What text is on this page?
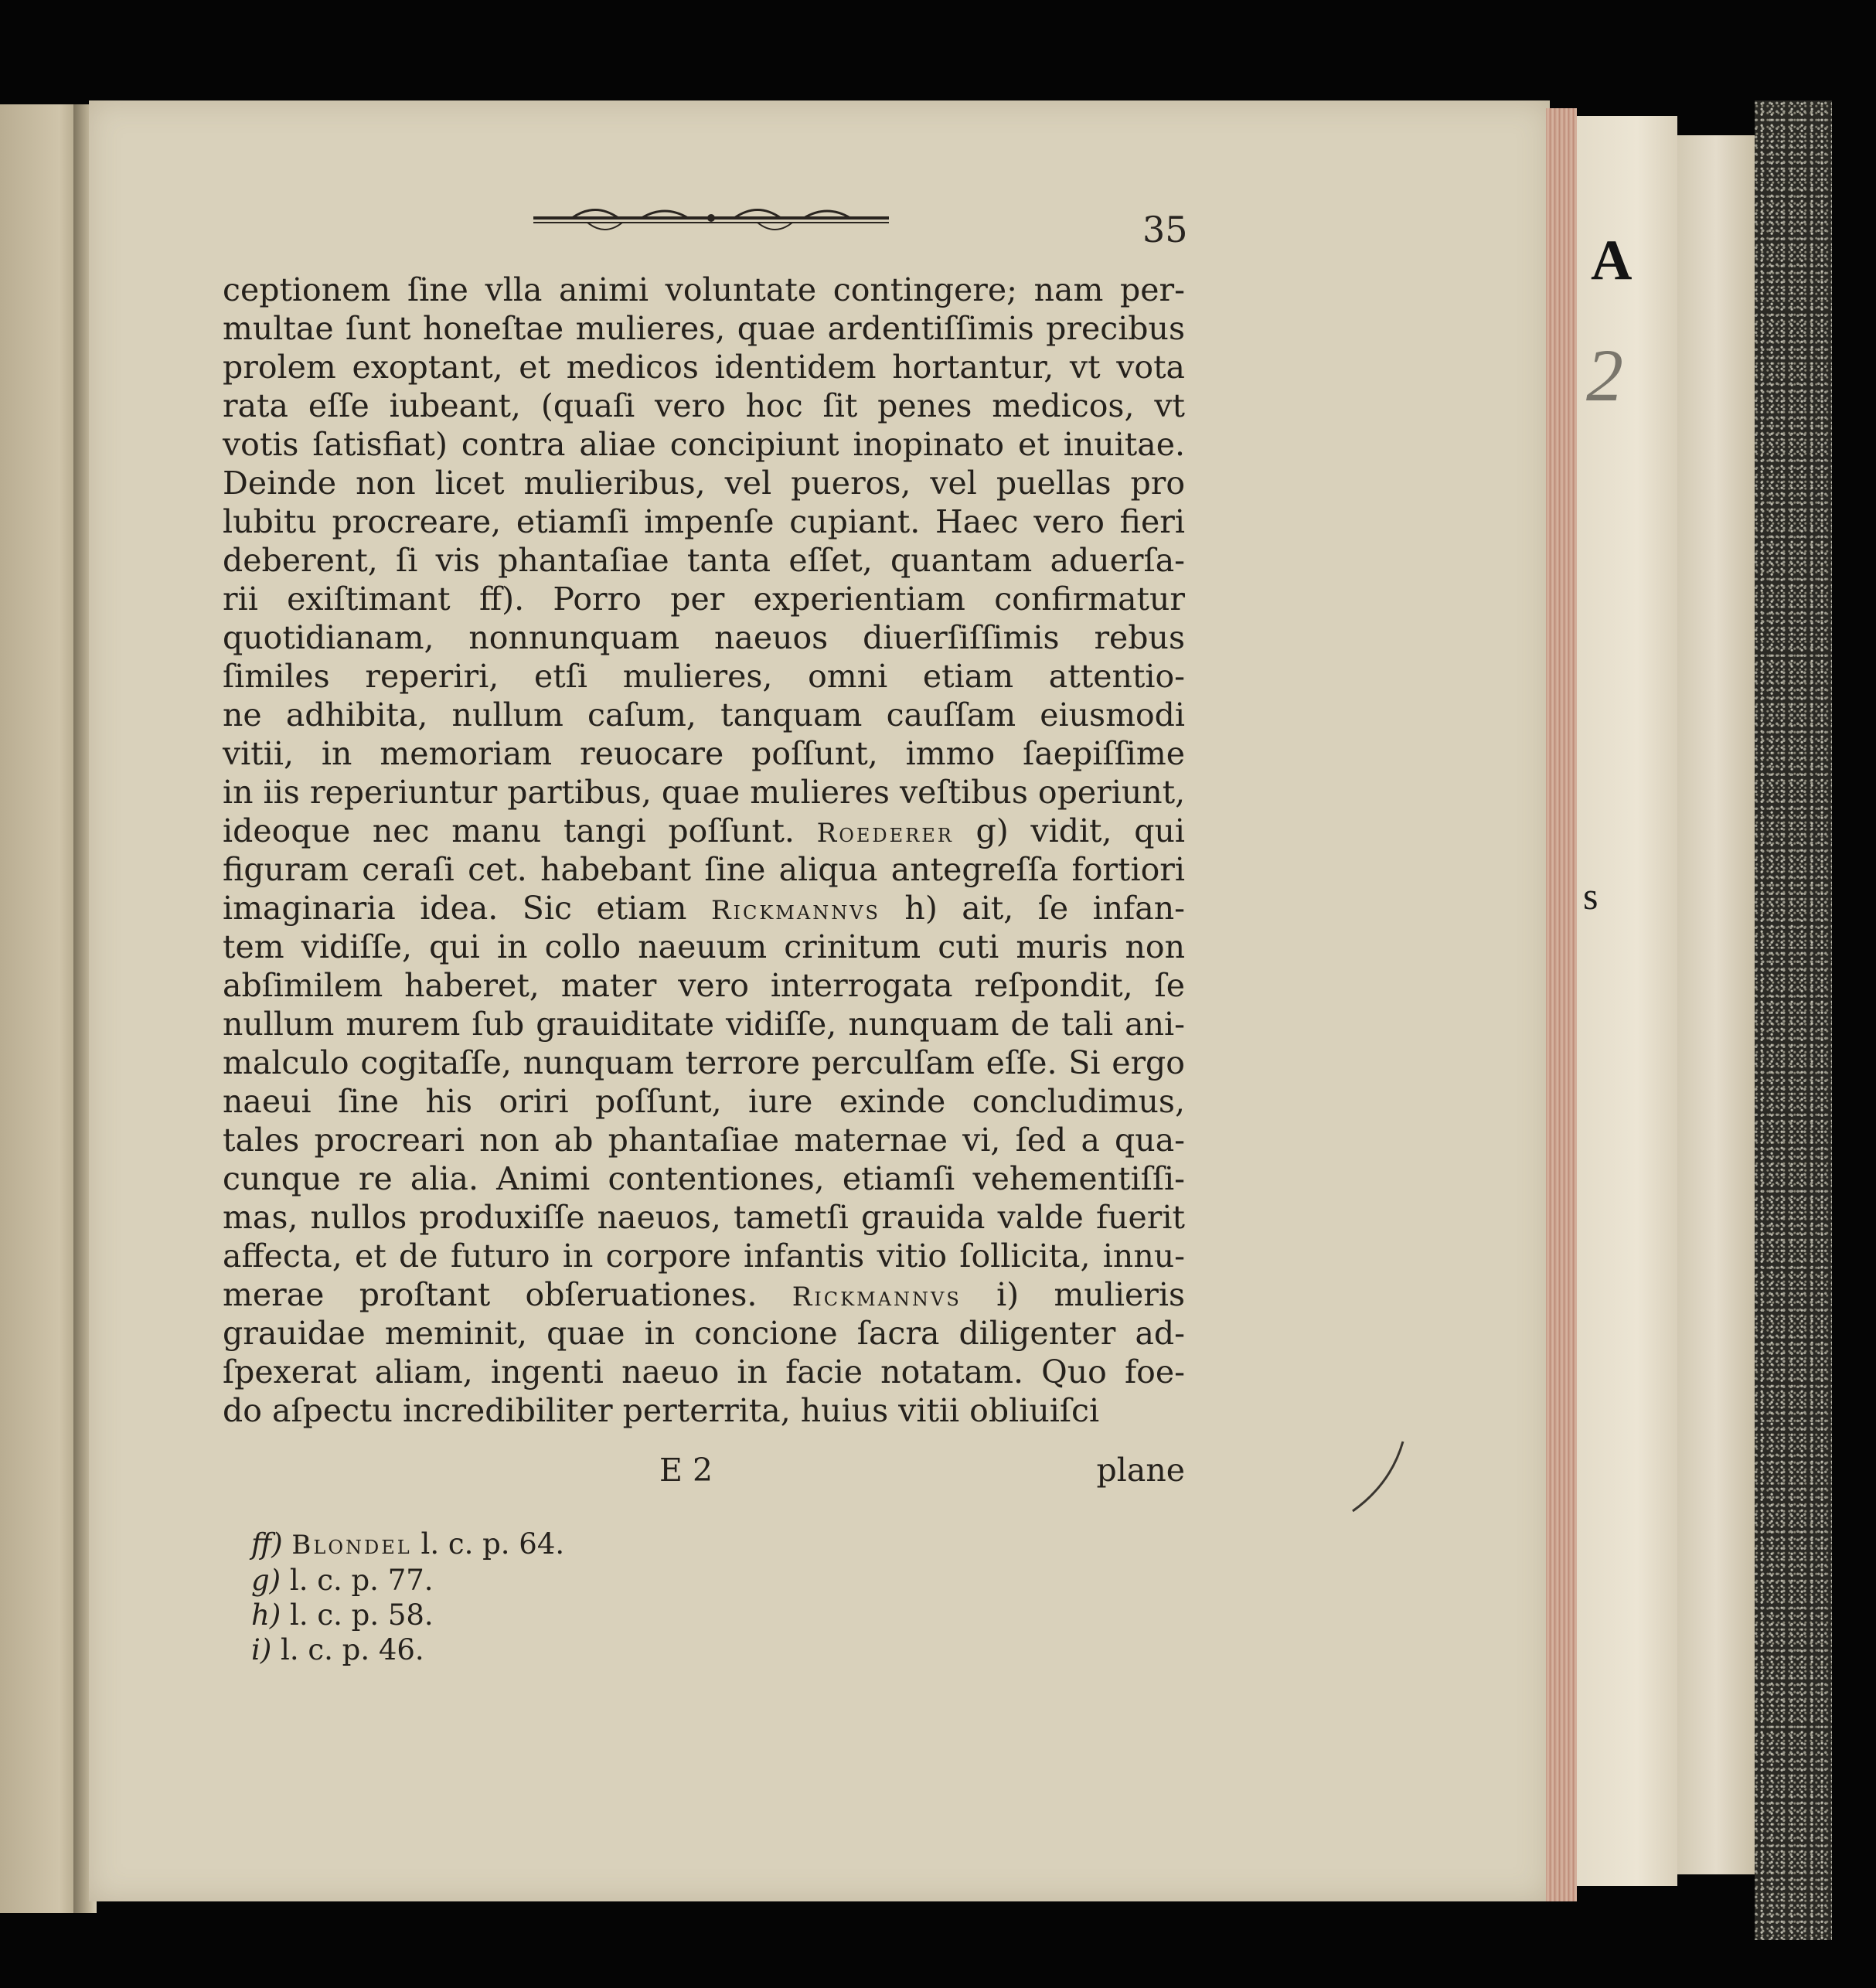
35
ceptionem ſine vlla animi voluntate contingere; nam per-
multae ſunt honeſtae mulieres, quae ardentiſſimis precibus
prolem exoptant, et medicos identidem hortantur, vt vota
rata eſſe iubeant, (quaſi vero hoc ſit penes medicos, vt
votis ſatisfiat) contra aliae concipiunt inopinato et inuitae.
Deinde non licet mulieribus, vel pueros, vel puellas pro
lubitu procreare, etiamſi impenſe cupiant. Haec vero fieri
deberent, ſi vis phantaſiae tanta eſſet, quantam aduerſa-
rii exiſtimant ff). Porro per experientiam confirmatur
quotidianam, nonnunquam naeuos diuerſiſſimis rebus
ſimiles reperiri, etſi mulieres, omni etiam attentio-
ne adhibita, nullum caſum, tanquam cauſſam eiusmodi
vitii, in memoriam reuocare poſſunt, immo ſaepiſſime
in iis reperiuntur partibus, quae mulieres veſtibus operiunt,
ideoque nec manu tangi poſſunt. Roederer g) vidit, qui
figuram ceraſi cet. habebant ſine aliqua antegreſſa fortiori
imaginaria idea. Sic etiam Rickmannvs h) ait, ſe infan-
tem vidiſſe, qui in collo naeuum crinitum cuti muris non
abſimilem haberet, mater vero interrogata reſpondit, ſe
nullum murem ſub grauiditate vidiſſe, nunquam de tali ani-
malculo cogitaſſe, nunquam terrore perculſam eſſe. Si ergo
naeui ſine his oriri poſſunt, iure exinde concludimus,
tales procreari non ab phantaſiae maternae vi, ſed a qua-
cunque re alia. Animi contentiones, etiamſi vehementiſſi-
mas, nullos produxiſſe naeuos, tametſi grauida valde fuerit
affecta, et de futuro in corpore infantis vitio ſollicita, innu-
merae proſtant obſeruationes. Rickmannvs i) mulieris
grauidae meminit, quae in concione ſacra diligenter ad-
ſpexerat aliam, ingenti naeuo in facie notatam. Quo foe-
do aſpectu incredibiliter perterrita, huius vitii obliuiſci
E 2	plane
ff) Blondel l. c. p. 64.
g) l. c. p. 77.
h) l. c. p. 58.
i) l. c. p. 46.
A
2
s
